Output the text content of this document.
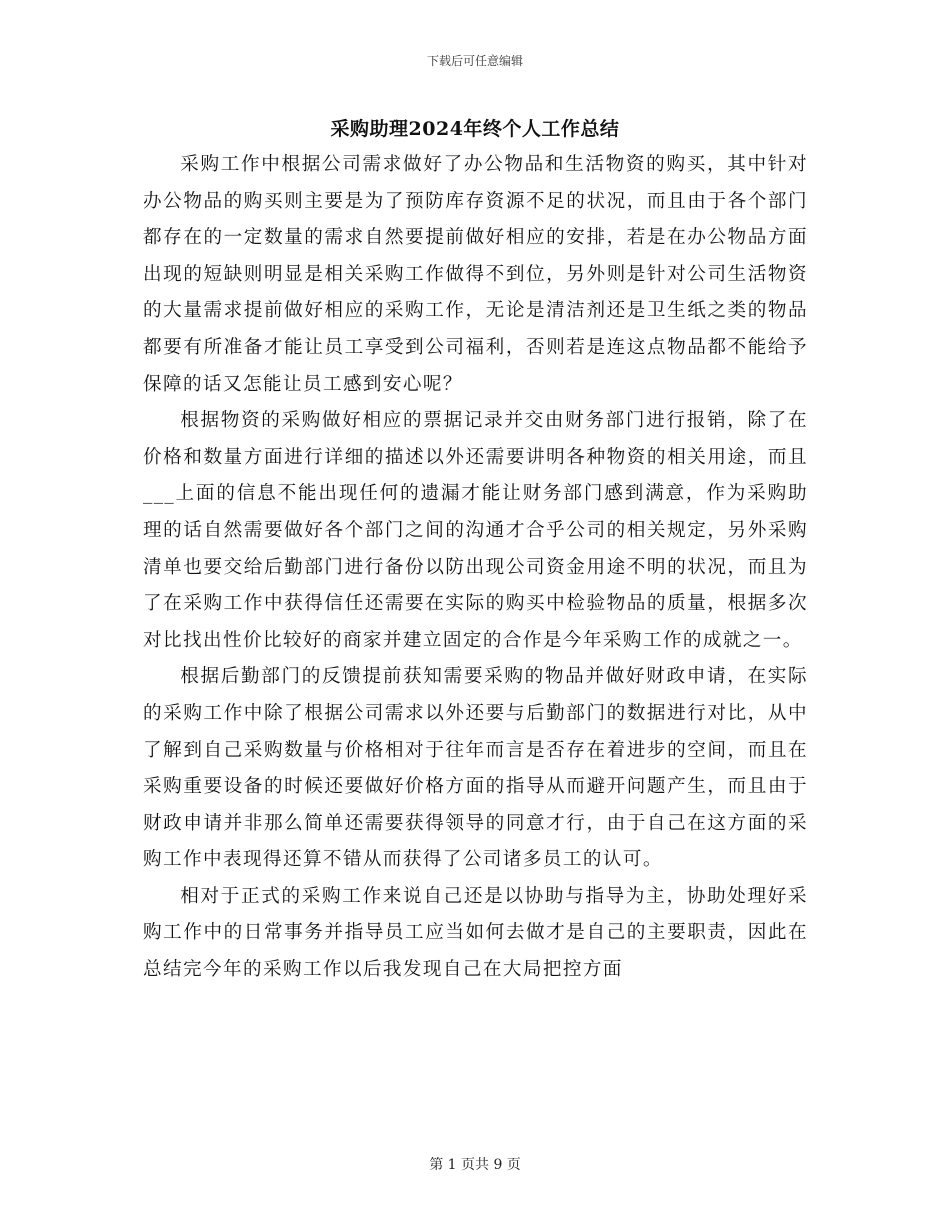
下载后可任意编辑
采购助理2024年终个人工作总结

采购工作中根据公司需求做好了办公物品和生活物资的购买，其中针对办公物品的购买则主要是为了预防库存资源不足的状况，而且由于各个部门都存在的一定数量的需求自然要提前做好相应的安排，若是在办公物品方面出现的短缺则明显是相关采购工作做得不到位，另外则是针对公司生活物资的大量需求提前做好相应的采购工作，无论是清洁剂还是卫生纸之类的物品都要有所准备才能让员工享受到公司福利，否则若是连这点物品都不能给予保障的话又怎能让员工感到安心呢？

根据物资的采购做好相应的票据记录并交由财务部门进行报销，除了在价格和数量方面进行详细的描述以外还需要讲明各种物资的相关用途，而且___上面的信息不能出现任何的遗漏才能让财务部门感到满意，作为采购助理的话自然需要做好各个部门之间的沟通才合乎公司的相关规定，另外采购清单也要交给后勤部门进行备份以防出现公司资金用途不明的状况，而且为了在采购工作中获得信任还需要在实际的购买中检验物品的质量，根据多次对比找出性价比较好的商家并建立固定的合作是今年采购工作的成就之一。

根据后勤部门的反馈提前获知需要采购的物品并做好财政申请，在实际的采购工作中除了根据公司需求以外还要与后勤部门的数据进行对比，从中了解到自己采购数量与价格相对于往年而言是否存在着进步的空间，而且在采购重要设备的时候还要做好价格方面的指导从而避开问题产生，而且由于财政申请并非那么简单还需要获得领导的同意才行，由于自己在这方面的采购工作中表现得还算不错从而获得了公司诸多员工的认可。

相对于正式的采购工作来说自己还是以协助与指导为主，协助处理好采购工作中的日常事务并指导员工应当如何去做才是自己的主要职责，因此在总结完今年的采购工作以后我发现自己在大局把控方面

第 1 页共 9 页
